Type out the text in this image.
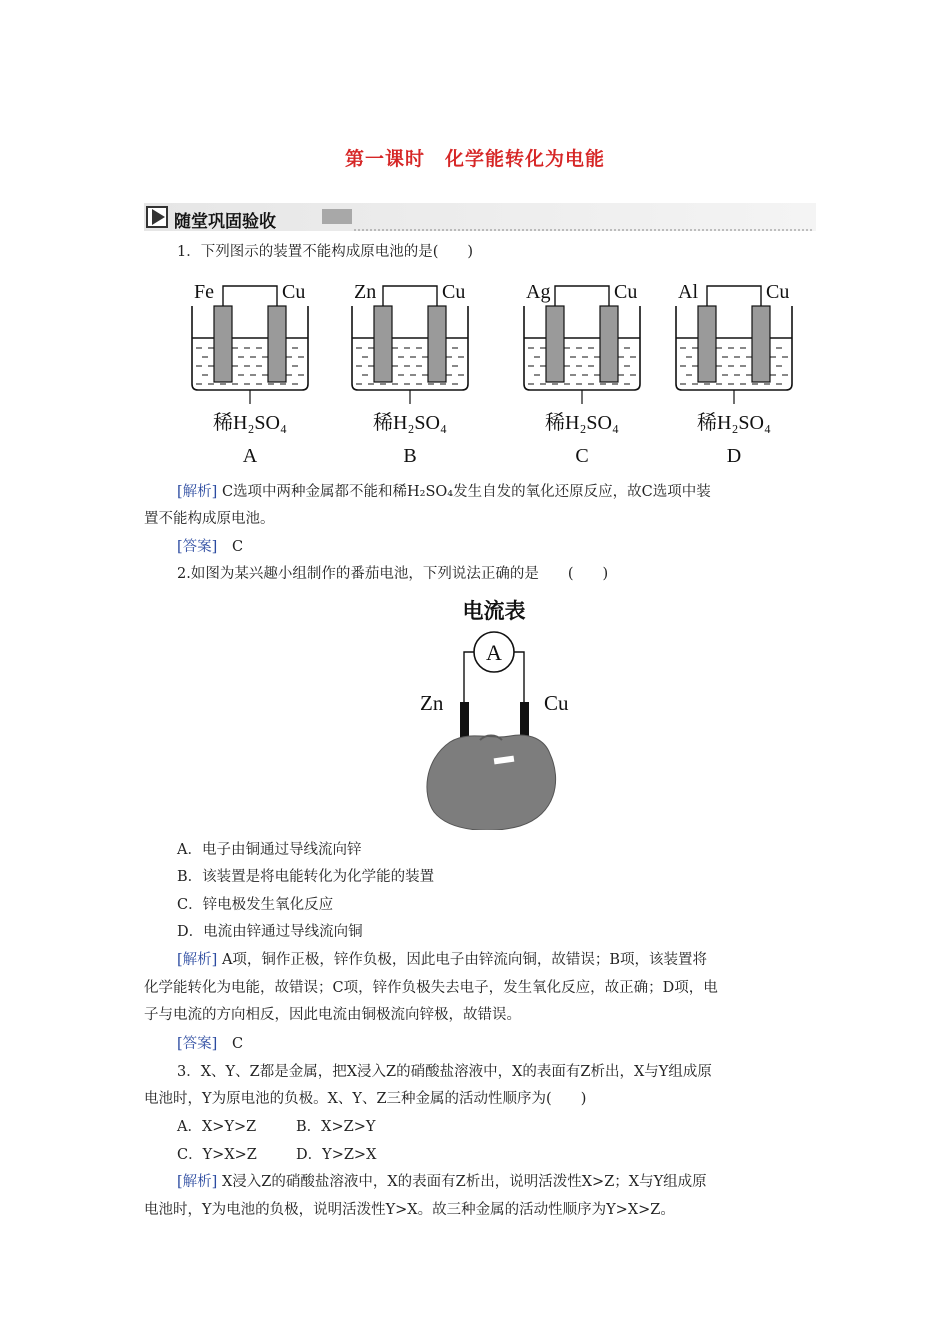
第一课时　化学能转化为电能
随堂巩固验收
1．下列图示的装置不能构成原电池的是(　　)
Fe	Cu
稀H₂SO₄
A
Zn	Cu
稀H₂SO₄
B
Ag	Cu
稀H₂SO₄
C
Al	Cu
稀H₂SO₄
D
[解析] C选项中两种金属都不能和稀H₂SO₄发生自发的氧化还原反应，故C选项中装
置不能构成原电池。
[答案] C
2.如图为某兴趣小组制作的番茄电池，下列说法正确的是　　(　　)
电流表
A
Zn	Cu
A．电子由铜通过导线流向锌
B．该装置是将电能转化为化学能的装置
C．锌电极发生氧化反应
D．电流由锌通过导线流向铜
[解析] A项，铜作正极，锌作负极，因此电子由锌流向铜，故错误；B项，该装置将
化学能转化为电能，故错误；C项，锌作负极失去电子，发生氧化反应，故正确；D项，电
子与电流的方向相反，因此电流由铜极流向锌极，故错误。
[答案] C
3．X、Y、Z都是金属，把X浸入Z的硝酸盐溶液中，X的表面有Z析出，X与Y组成原
电池时，Y为原电池的负极。X、Y、Z三种金属的活动性顺序为(　　)
A．X>Y>Z	B．X>Z>Y
C．Y>X>Z	D．Y>Z>X
[解析] X浸入Z的硝酸盐溶液中，X的表面有Z析出，说明活泼性X>Z；X与Y组成原
电池时，Y为电池的负极，说明活泼性Y>X。故三种金属的活动性顺序为Y>X>Z。
